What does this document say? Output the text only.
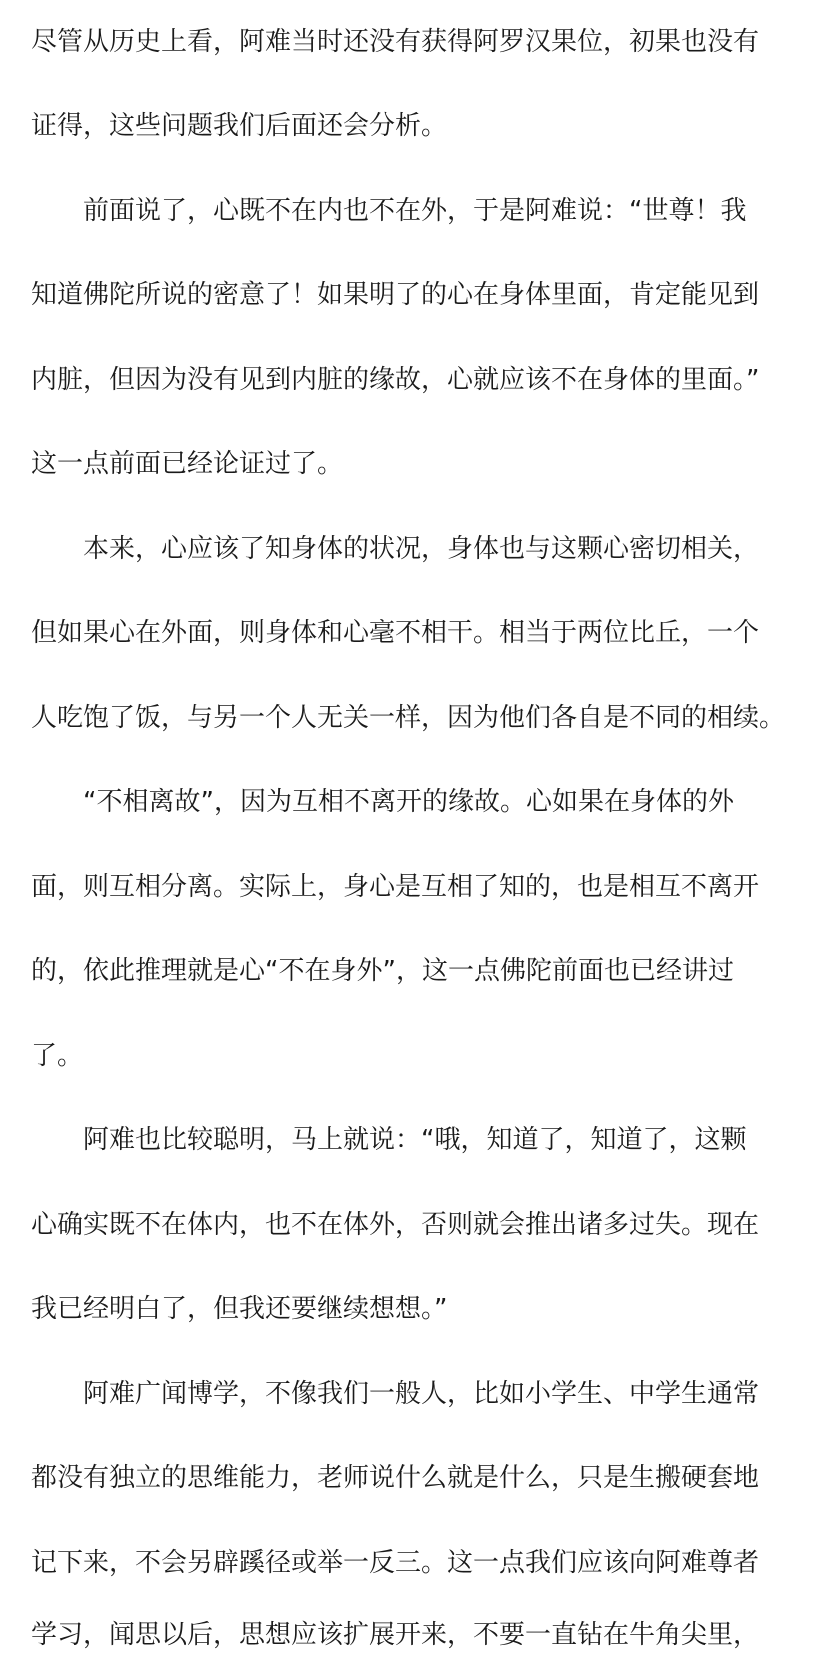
尽管从历史上看，阿难当时还没有获得阿罗汉果位，初果也没有
证得，这些问题我们后面还会分析。
前面说了，心既不在内也不在外，于是阿难说：“世尊！我
知道佛陀所说的密意了！如果明了的心在身体里面，肯定能见到
内脏，但因为没有见到内脏的缘故，心就应该不在身体的里面。”
这一点前面已经论证过了。
本来，心应该了知身体的状况，身体也与这颗心密切相关，
但如果心在外面，则身体和心毫不相干。相当于两位比丘，一个
人吃饱了饭，与另一个人无关一样，因为他们各自是不同的相续。
“不相离故”，因为互相不离开的缘故。心如果在身体的外
面，则互相分离。实际上，身心是互相了知的，也是相互不离开
的，依此推理就是心“不在身外”，这一点佛陀前面也已经讲过
了。
阿难也比较聪明，马上就说：“哦，知道了，知道了，这颗
心确实既不在体内，也不在体外，否则就会推出诸多过失。现在
我已经明白了，但我还要继续想想。”
阿难广闻博学，不像我们一般人，比如小学生、中学生通常
都没有独立的思维能力，老师说什么就是什么，只是生搬硬套地
记下来，不会另辟蹊径或举一反三。这一点我们应该向阿难尊者
学习，闻思以后，思想应该扩展开来，不要一直钻在牛角尖里，
